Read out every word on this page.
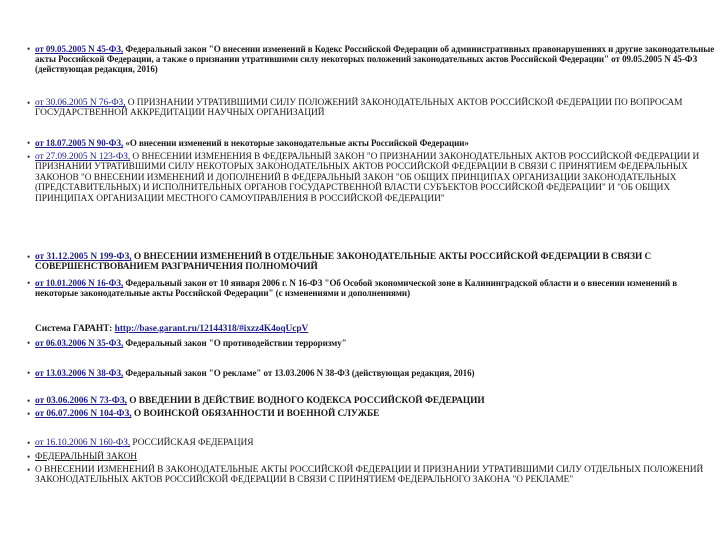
• от 09.05.2005 N 45-ФЗ, Федеральный закон "О внесении изменений в Кодекс Российской Федерации об административных правонарушениях и другие законодательные акты Российской Федерации, а также о признании утратившими силу некоторых положений законодательных актов Российской Федерации" от 09.05.2005 N 45-ФЗ (действующая редакция, 2016)
• от 30.06.2005 N 76-ФЗ, О ПРИЗНАНИИ УТРАТИВШИМИ СИЛУ ПОЛОЖЕНИЙ ЗАКОНОДАТЕЛЬНЫХ АКТОВ РОССИЙСКОЙ ФЕДЕРАЦИИ ПО ВОПРОСАМ ГОСУДАРСТВЕННОЙ АККРЕДИТАЦИИ НАУЧНЫХ ОРГАНИЗАЦИЙ
• от 18.07.2005 N 90-ФЗ, «О внесении изменений в некоторые законодательные акты Российской Федерации»
• от 27.09.2005 N 123-ФЗ, О ВНЕСЕНИИ ИЗМЕНЕНИЯ В ФЕДЕРАЛЬНЫЙ ЗАКОН "О ПРИЗНАНИИ ЗАКОНОДАТЕЛЬНЫХ АКТОВ РОССИЙСКОЙ ФЕДЕРАЦИИ И ПРИЗНАНИИ УТРАТИВШИМИ СИЛУ НЕКОТОРЫХ ЗАКОНОДАТЕЛЬНЫХ АКТОВ РОССИЙСКОЙ ФЕДЕРАЦИИ В СВЯЗИ С ПРИНЯТИЕМ ФЕДЕРАЛЬНЫХ ЗАКОНОВ "О ВНЕСЕНИИ ИЗМЕНЕНИЙ И ДОПОЛНЕНИЙ В ФЕДЕРАЛЬНЫЙ ЗАКОН "ОБ ОБЩИХ ПРИНЦИПАХ ОРГАНИЗАЦИИ ЗАКОНОДАТЕЛЬНЫХ (ПРЕДСТАВИТЕЛЬНЫХ) И ИСПОЛНИТЕЛЬНЫХ ОРГАНОВ ГОСУДАРСТВЕННОЙ ВЛАСТИ СУБЪЕКТОВ РОССИЙСКОЙ ФЕДЕРАЦИИ" И "ОБ ОБЩИХ ПРИНЦИПАХ ОРГАНИЗАЦИИ МЕСТНОГО САМОУПРАВЛЕНИЯ В РОССИЙСКОЙ ФЕДЕРАЦИИ"
• от 31.12.2005 N 199-ФЗ, О ВНЕСЕНИИ ИЗМЕНЕНИЙ В ОТДЕЛЬНЫЕ ЗАКОНОДАТЕЛЬНЫЕ АКТЫ РОССИЙСКОЙ ФЕДЕРАЦИИ В СВЯЗИ С СОВЕРШЕНСТВОВАНИЕМ РАЗГРАНИЧЕНИЯ ПОЛНОМОЧИЙ
• от 10.01.2006 N 16-ФЗ, Федеральный закон от 10 января 2006 г. N 16-ФЗ "Об Особой экономической зоне в Калининградской области и о внесении изменений в некоторые законодательные акты Российской Федерации" (с изменениями и дополнениями)
Система ГАРАНТ: http://base.garant.ru/12144318/#ixzz4K4oqUcpV
• от 06.03.2006 N 35-ФЗ, Федеральный закон "О противодействии терроризму"
• от 13.03.2006 N 38-ФЗ, Федеральный закон "О рекламе" от 13.03.2006 N 38-ФЗ (действующая редакция, 2016)
• от 03.06.2006 N 73-ФЗ, О ВВЕДЕНИИ В ДЕЙСТВИЕ ВОДНОГО КОДЕКСА РОССИЙСКОЙ ФЕДЕРАЦИИ
• от 06.07.2006 N 104-ФЗ, О ВОИНСКОЙ ОБЯЗАННОСТИ И ВОЕННОЙ СЛУЖБЕ
• от 16.10.2006 N 160-ФЗ, РОССИЙСКАЯ ФЕДЕРАЦИЯ
• ФЕДЕРАЛЬНЫЙ ЗАКОН
• О ВНЕСЕНИИ ИЗМЕНЕНИЙ В ЗАКОНОДАТЕЛЬНЫЕ АКТЫ РОССИЙСКОЙ ФЕДЕРАЦИИ И ПРИЗНАНИИ УТРАТИВШИМИ СИЛУ ОТДЕЛЬНЫХ ПОЛОЖЕНИЙ ЗАКОНОДАТЕЛЬНЫХ АКТОВ РОССИЙСКОЙ ФЕДЕРАЦИИ В СВЯЗИ С ПРИНЯТИЕМ ФЕДЕРАЛЬНОГО ЗАКОНА "О РЕКЛАМЕ"
